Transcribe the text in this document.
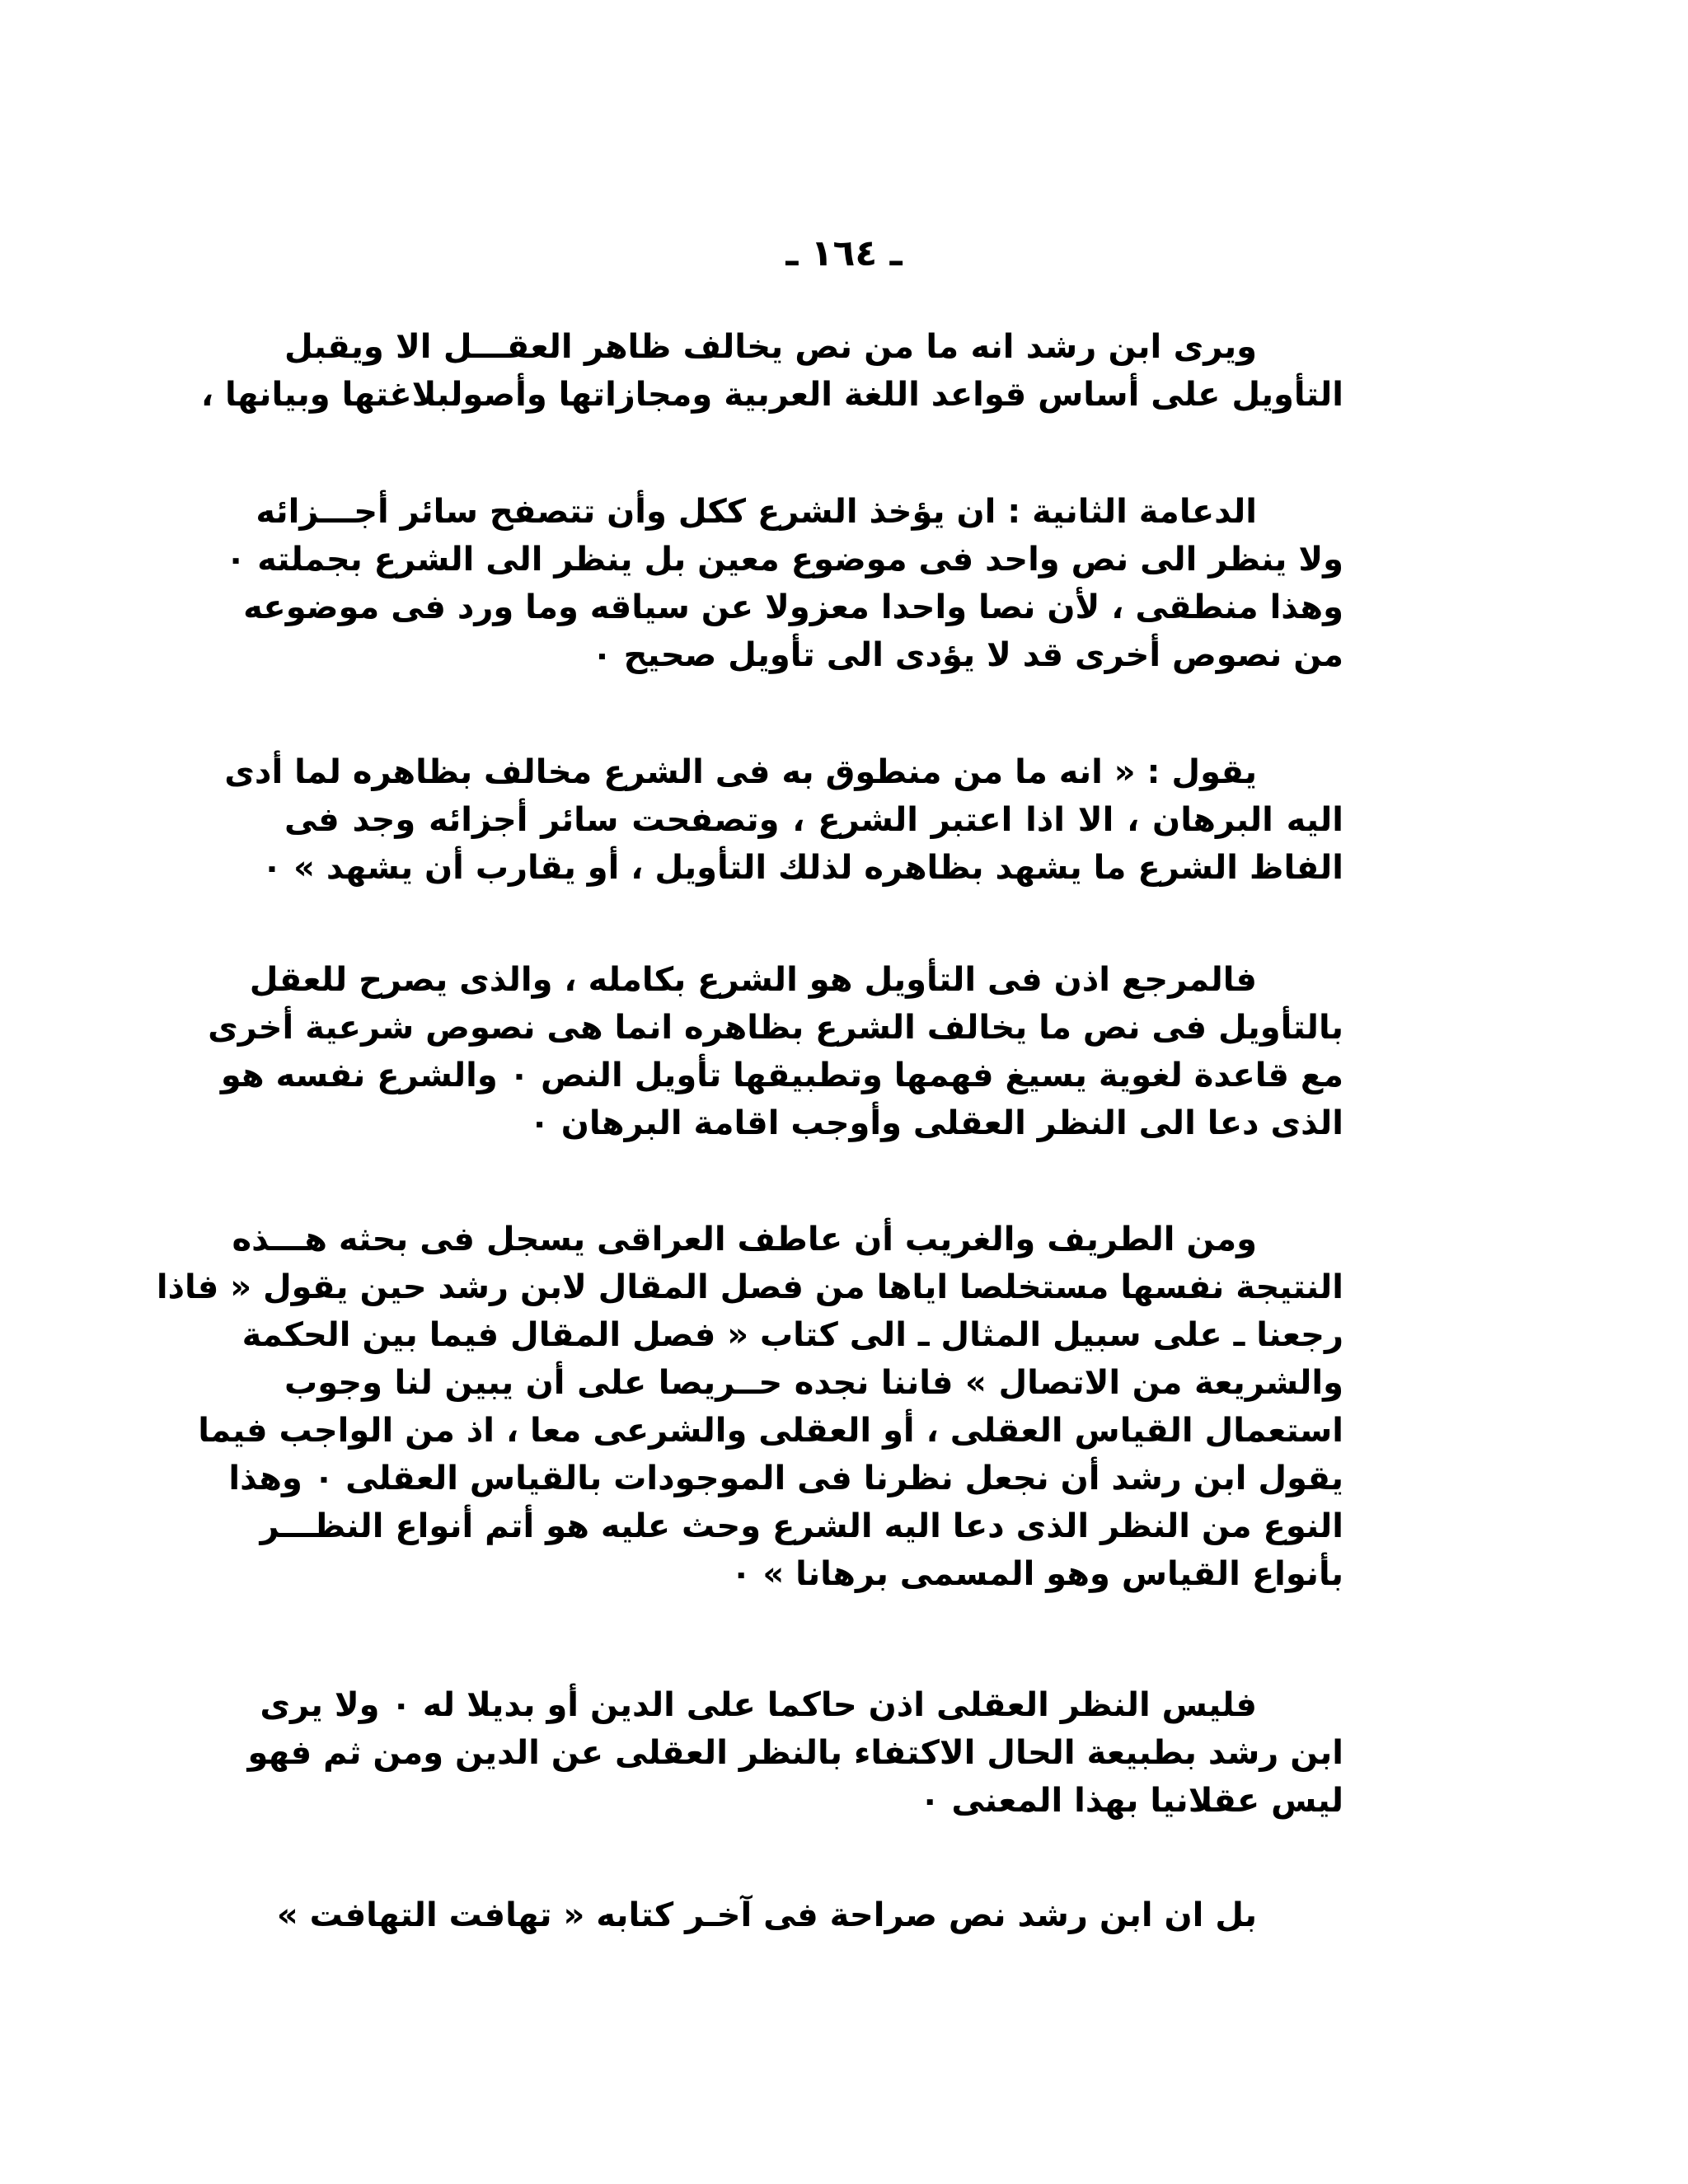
ـ ١٦٤ ـ
ويرى ابن رشد انه ما من نص يخالف ظاهر العقـــل الا ويقبل
التأويل على أساس قواعد اللغة العربية ومجازاتها وأصولبلاغتها وبيانها ،
الدعامة الثانية : ان يؤخذ الشرع ككل وأن تتصفح سائر أجـــزائه
ولا ينظر الى نص واحد فى موضوع معين بل ينظر الى الشرع بجملته ٠
وهذا منطقى ، لأن نصا واحدا معزولا عن سياقه وما ورد فى موضوعه
من نصوص أخرى قد لا يؤدى الى تأويل صحيح ٠
يقول : « انه ما من منطوق به فى الشرع مخالف بظاهره لما أدى
اليه البرهان ، الا اذا اعتبر الشرع ، وتصفحت سائر أجزائه وجد فى
الفاظ الشرع ما يشهد بظاهره لذلك التأويل ، أو يقارب أن يشهد » ٠
فالمرجع اذن فى التأويل هو الشرع بكامله ، والذى يصرح للعقل
بالتأويل فى نص ما يخالف الشرع بظاهره انما هى نصوص شرعية أخرى
مع قاعدة لغوية يسيغ فهمها وتطبيقها تأويل النص ٠ والشرع نفسه هو
الذى دعا الى النظر العقلى وأوجب اقامة البرهان ٠
ومن الطريف والغريب أن عاطف العراقى يسجل فى بحثه هـــذه
النتيجة نفسها مستخلصا اياها من فصل المقال لابن رشد حين يقول « فاذا
رجعنا ـ على سبيل المثال ـ الى كتاب « فصل المقال فيما بين الحكمة
والشريعة من الاتصال » فاننا نجده حــريصا على أن يبين لنا وجوب
استعمال القياس العقلى ، أو العقلى والشرعى معا ، اذ من الواجب فيما
يقول ابن رشد أن نجعل نظرنا فى الموجودات بالقياس العقلى ٠ وهذا
النوع من النظر الذى دعا اليه الشرع وحث عليه هو أتم أنواع النظـــر
بأنواع القياس وهو المسمى برهانا » ٠
فليس النظر العقلى اذن حاكما على الدين أو بديلا له ٠ ولا يرى
ابن رشد بطبيعة الحال الاكتفاء بالنظر العقلى عن الدين ومن ثم فهو
ليس عقلانيا بهذا المعنى ٠
بل ان ابن رشد نص صراحة فى آخـر كتابه « تهافت التهافت »
